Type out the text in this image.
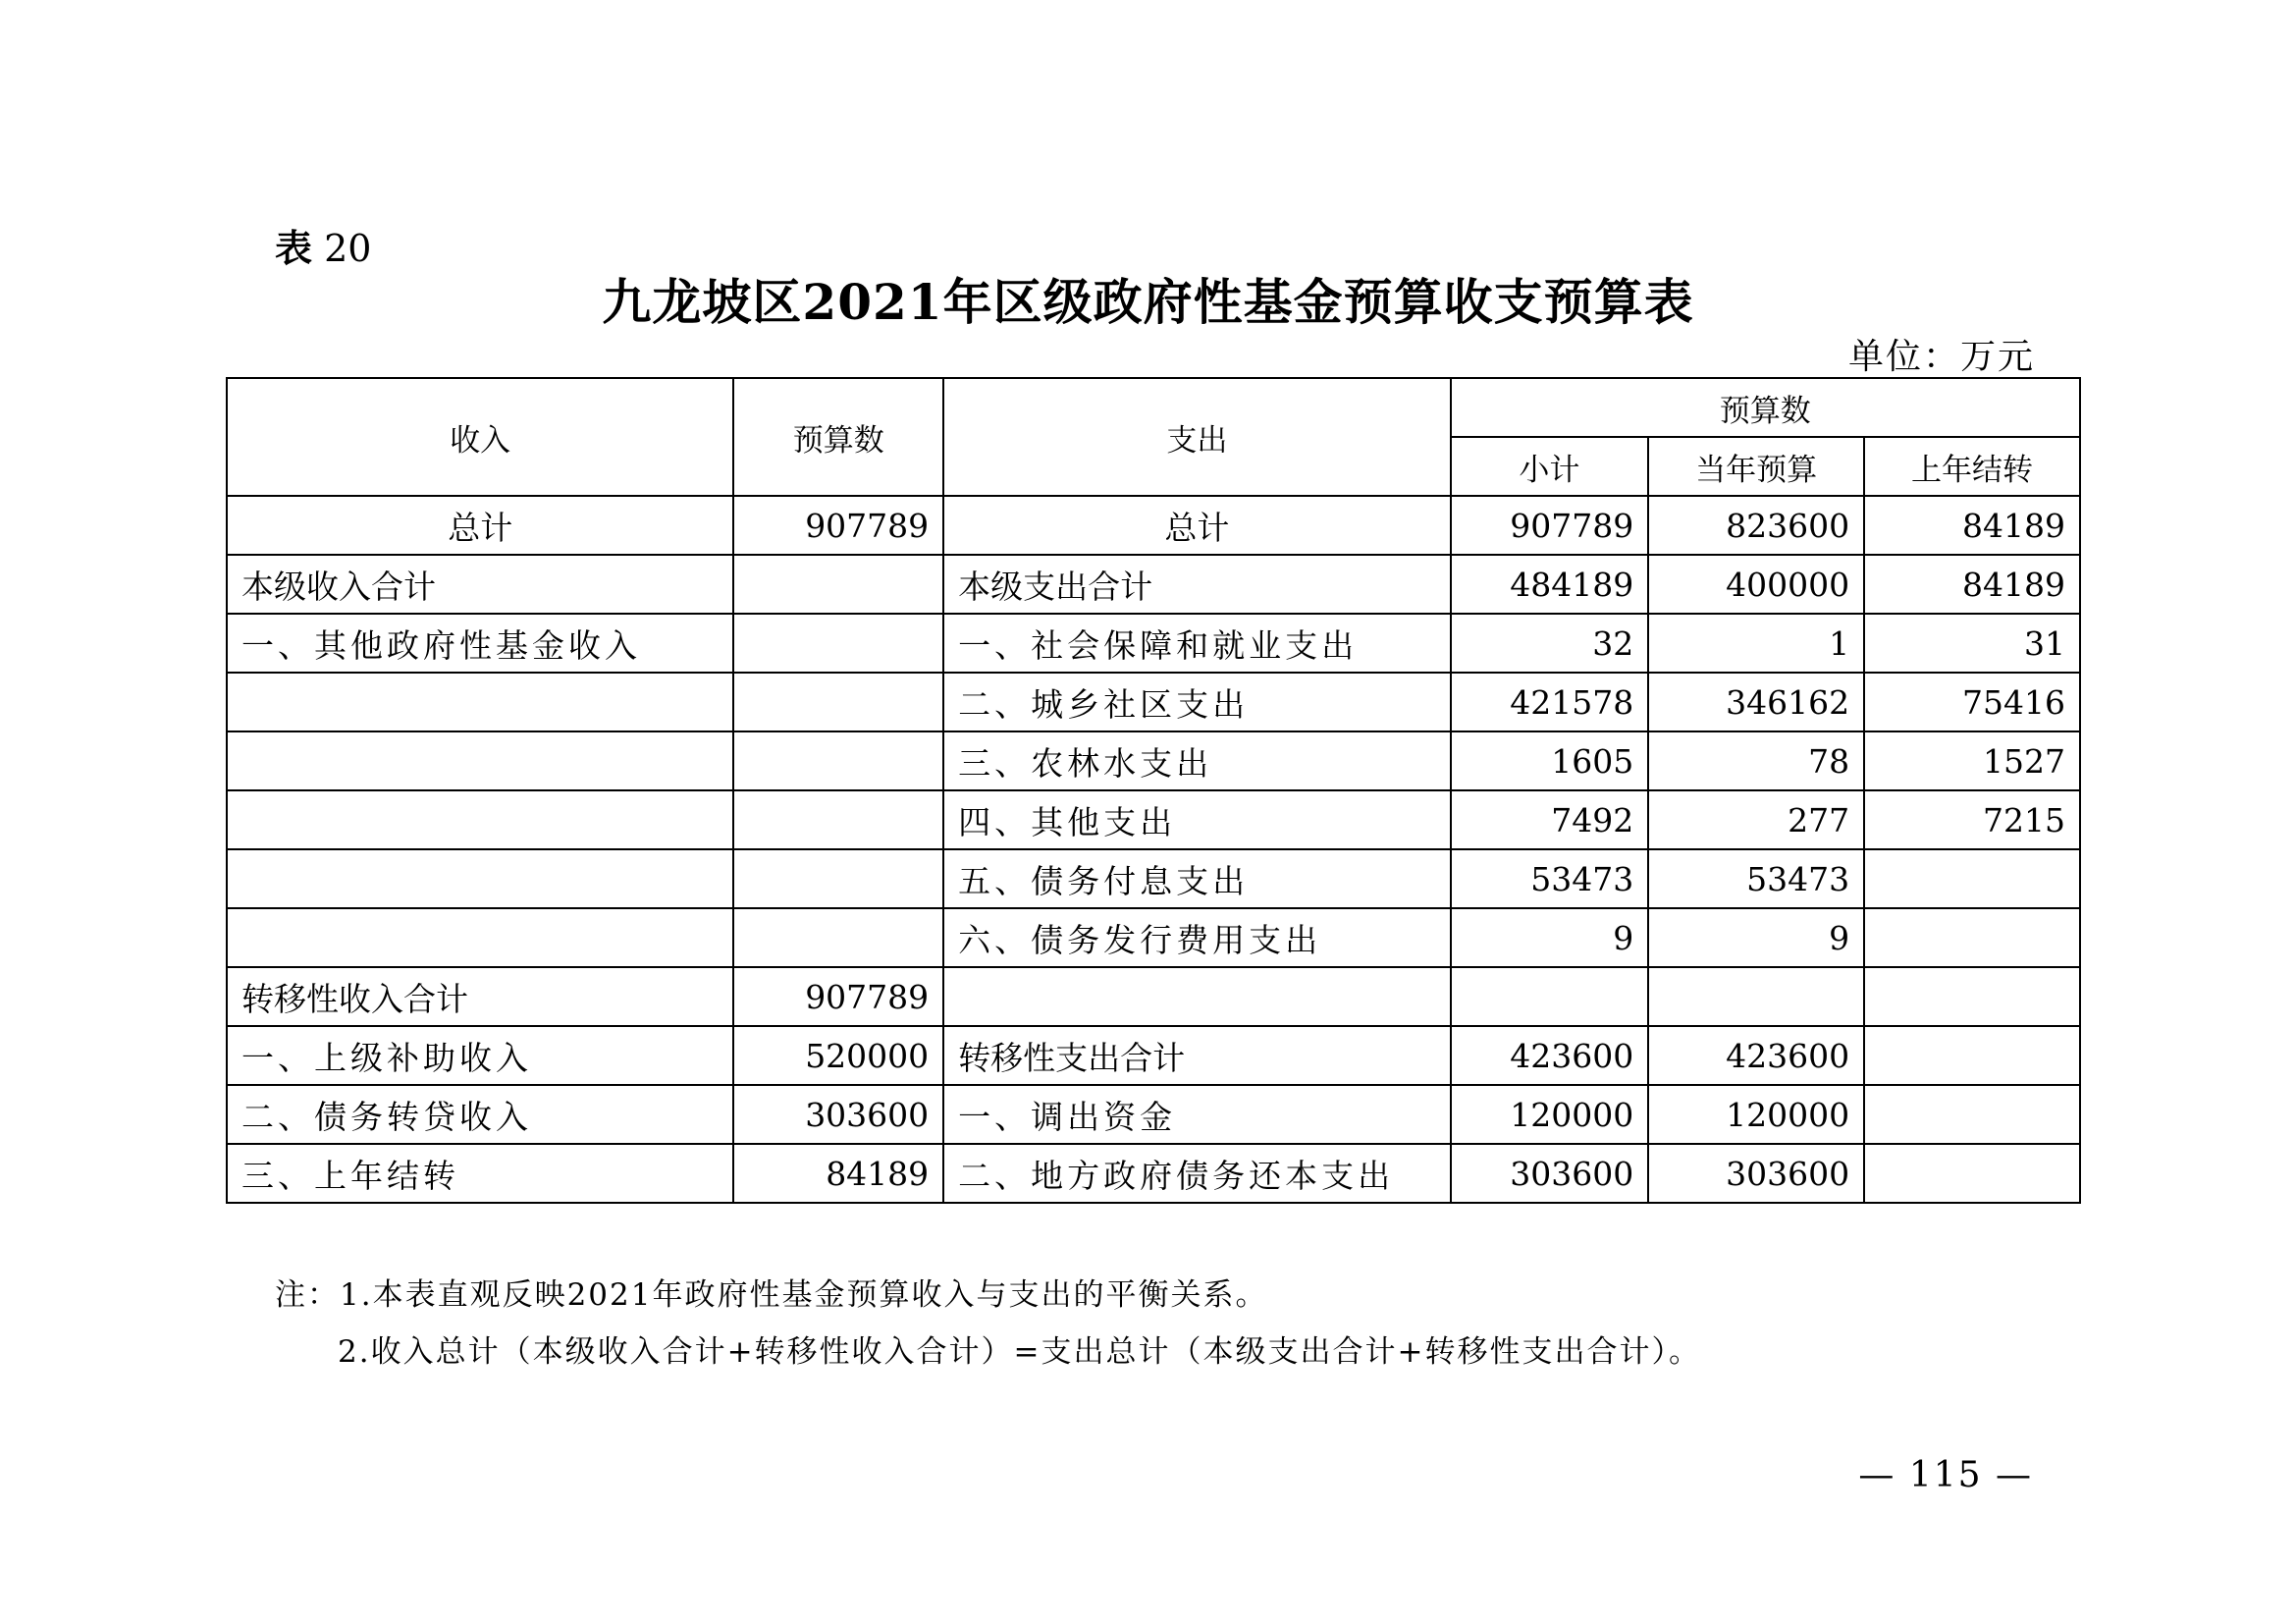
表 20
九龙坡区2021年区级政府性基金预算收支预算表
单位：万元
收入	预算数	支出	预算数		
			小计	当年预算	上年结转
总计	907789	总计	907789	823600	84189
本级收入合计		本级支出合计	484189	400000	84189
一、其他政府性基金收入		一、社会保障和就业支出	32	1	31
		二、城乡社区支出	421578	346162	75416
		三、农林水支出	1605	78	1527
		四、其他支出	7492	277	7215
		五、债务付息支出	53473	53473	
		六、债务发行费用支出	9	9	
转移性收入合计	907789				
一、上级补助收入	520000	转移性支出合计	423600	423600	
二、债务转贷收入	303600	一、调出资金	120000	120000	
三、上年结转	84189	二、地方政府债务还本支出	303600	303600	
注：1.本表直观反映2021年政府性基金预算收入与支出的平衡关系。
2.收入总计（本级收入合计+转移性收入合计）=支出总计（本级支出合计+转移性支出合计）。
— 115 —
